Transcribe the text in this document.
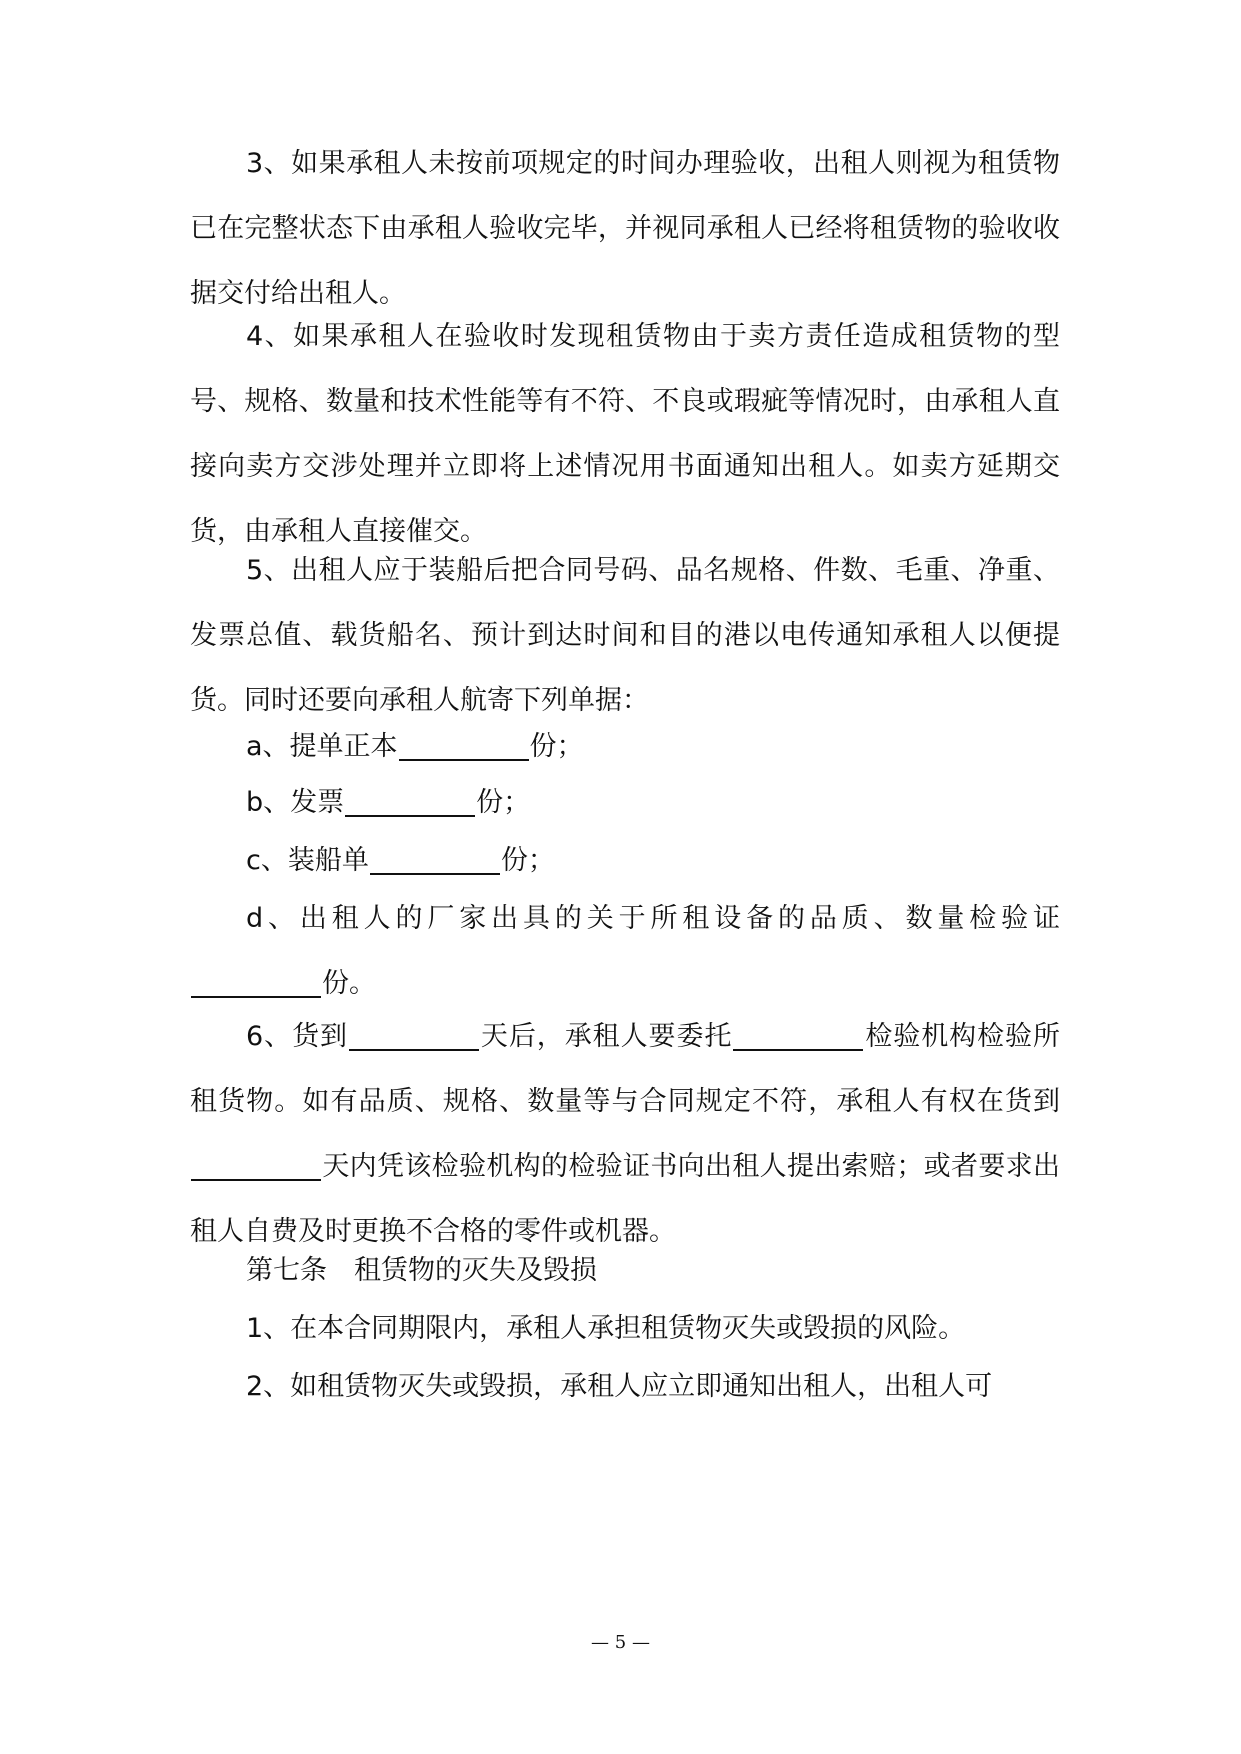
3、如果承租人未按前项规定的时间办理验收，出租人则视为租赁物已在完整状态下由承租人验收完毕，并视同承租人已经将租赁物的验收收据交付给出租人。
4、如果承租人在验收时发现租赁物由于卖方责任造成租赁物的型号、规格、数量和技术性能等有不符、不良或瑕疵等情况时，由承租人直接向卖方交涉处理并立即将上述情况用书面通知出租人。如卖方延期交货，由承租人直接催交。
5、出租人应于装船后把合同号码、品名规格、件数、毛重、净重、发票总值、载货船名、预计到达时间和目的港以电传通知承租人以便提货。同时还要向承租人航寄下列单据：
a、提单正本	份；
b、发票	份；
c、装船单	份；
d、出租人的厂家出具的关于所租设备的品质、数量检验证份。
6、货到	天后，承租人要委托	检验机构检验所租货物。如有品质、规格、数量等与合同规定不符，承租人有权在货到天内凭该检验机构的检验证书向出租人提出索赔；或者要求出租人自费及时更换不合格的零件或机器。
第七条　租赁物的灭失及毁损
1、在本合同期限内，承租人承担租赁物灭失或毁损的风险。
2、如租赁物灭失或毁损，承租人应立即通知出租人，出租人可
— 5 —
